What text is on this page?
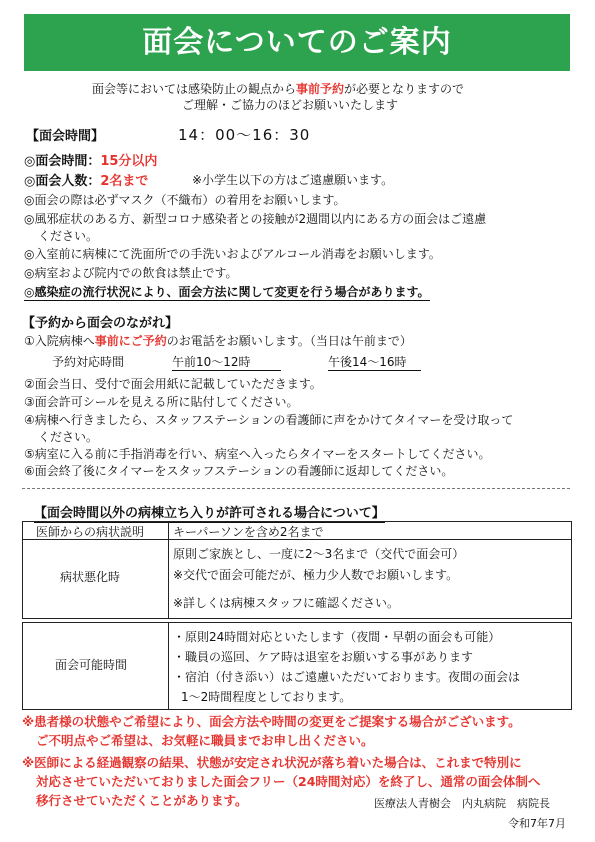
面会についてのご案内
面会等においては感染防止の観点から事前予約が必要となりますので
ご理解・ご協力のほどお願いいたします
【面会時間】	14：00〜16：30
◎面会時間：15分以内
◎面会人数：2名まで	※小学生以下の方はご遠慮願います。
◎面会の際は必ずマスク（不織布）の着用をお願いします。
◎風邪症状のある方、新型コロナ感染者との接触が2週間以内にある方の面会はご遠慮
ください。
◎入室前に病棟にて洗面所での手洗いおよびアルコール消毒をお願いします。
◎病室および院内での飲食は禁止です。
◎感染症の流行状況により、面会方法に関して変更を行う場合があります。
【予約から面会のながれ】
①入院病棟へ事前にご予約のお電話をお願いします。（当日は午前まで）
予約対応時間	午前10〜12時	午後14〜16時
②面会当日、受付で面会用紙に記載していただきます。
③面会許可シールを見える所に貼付してください。
④病棟へ行きましたら、スタッフステーションの看護師に声をかけてタイマーを受け取って
ください。
⑤病室に入る前に手指消毒を行い、病室へ入ったらタイマーをスタートしてください。
⑥面会終了後にタイマーをスタッフステーションの看護師に返却してください。
【面会時間以外の病棟立ち入りが許可される場合について】
医師からの病状説明 キーパーソンを含め2名まで
病状悪化時
原則ご家族とし、一度に2〜3名まで（交代で面会可）
※交代で面会可能だが、極力少人数でお願いします。
※詳しくは病棟スタッフに確認ください。
面会可能時間
・原則24時間対応といたします（夜間・早朝の面会も可能）
・職員の巡回、ケア時は退室をお願いする事があります
・宿泊（付き添い）はご遠慮いただいております。夜間の面会は
1〜2時間程度としております。
※患者様の状態やご希望により、面会方法や時間の変更をご提案する場合がございます。
ご不明点やご希望は、お気軽に職員までお申し出ください。
※医師による経過観察の結果、状態が安定され状況が落ち着いた場合は、これまで特別に
対応させていただいておりました面会フリー（24時間対応）を終了し、通常の面会体制へ
移行させていただくことがあります。	医療法人青樹会　内丸病院　病院長
令和7年7月
